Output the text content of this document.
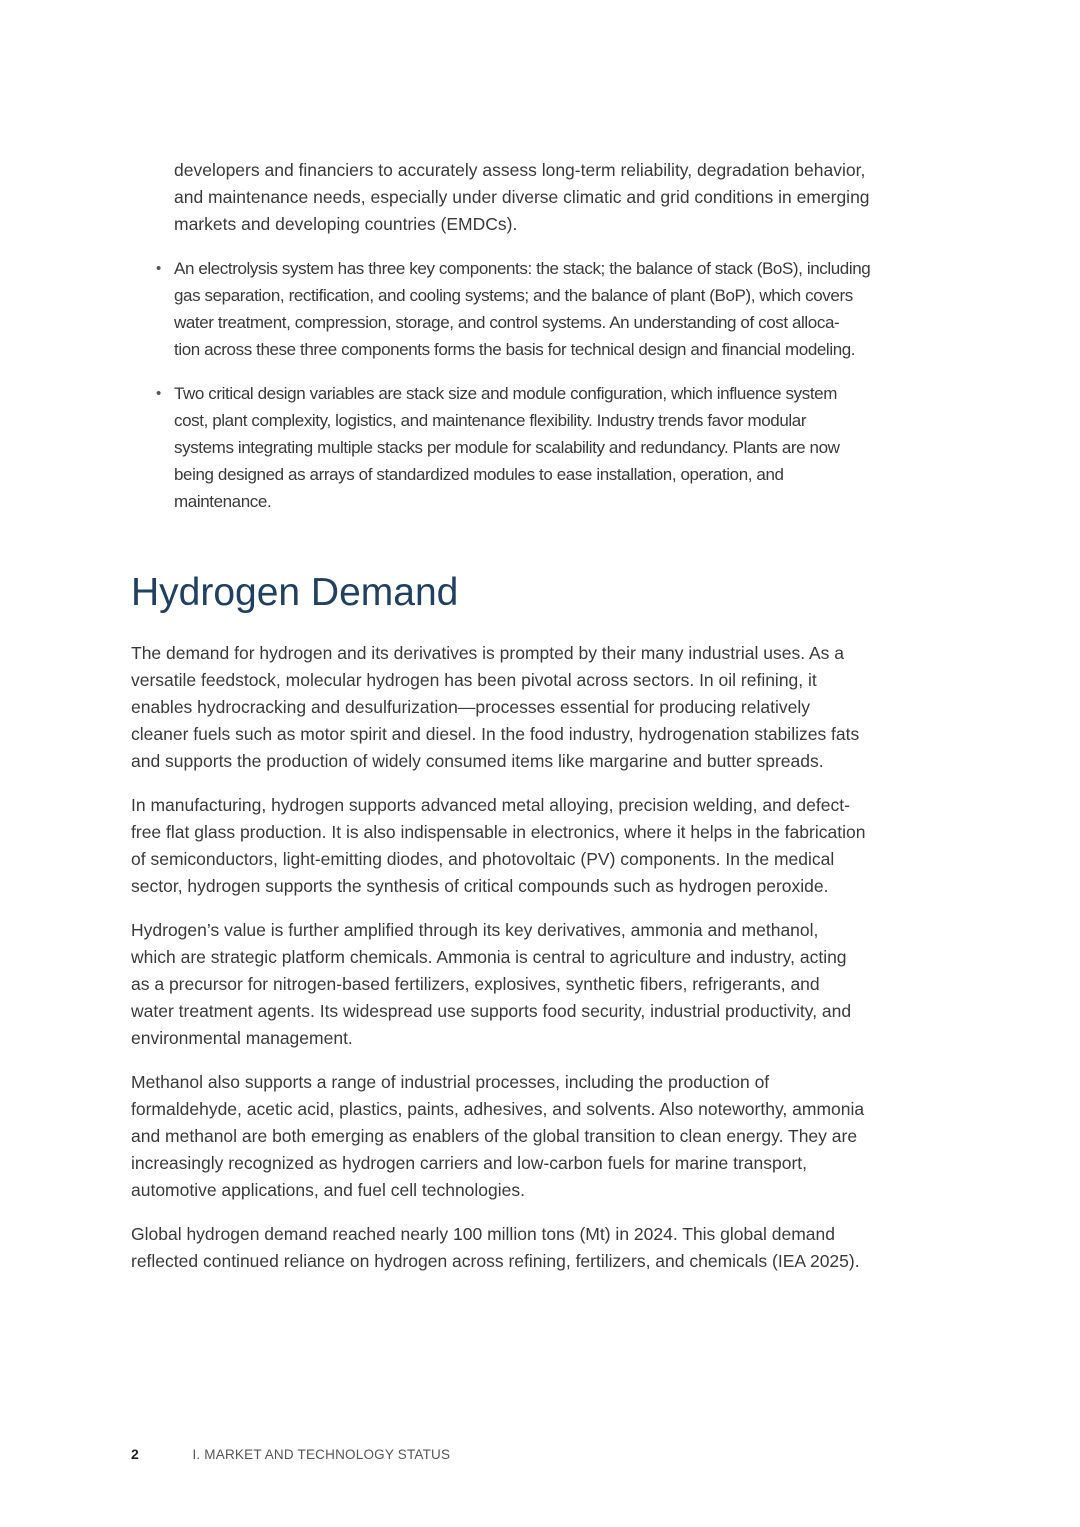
developers and financiers to accurately assess long-term reliability, degradation behavior,
and maintenance needs, especially under diverse climatic and grid conditions in emerging
markets and developing countries (EMDCs).
•
An electrolysis system has three key components: the stack; the balance of stack (BoS), including
gas separation, rectification, and cooling systems; and the balance of plant (BoP), which covers
water treatment, compression, storage, and control systems. An understanding of cost alloca-
tion across these three components forms the basis for technical design and financial modeling.
•
Two critical design variables are stack size and module configuration, which influence system
cost, plant complexity, logistics, and maintenance flexibility. Industry trends favor modular
systems integrating multiple stacks per module for scalability and redundancy. Plants are now
being designed as arrays of standardized modules to ease installation, operation, and
maintenance.
Hydrogen Demand
The demand for hydrogen and its derivatives is prompted by their many industrial uses. As a
versatile feedstock, molecular hydrogen has been pivotal across sectors. In oil refining, it
enables hydrocracking and desulfurization—processes essential for producing relatively
cleaner fuels such as motor spirit and diesel. In the food industry, hydrogenation stabilizes fats
and supports the production of widely consumed items like margarine and butter spreads.
In manufacturing, hydrogen supports advanced metal alloying, precision welding, and defect-
free flat glass production. It is also indispensable in electronics, where it helps in the fabrication
of semiconductors, light-emitting diodes, and photovoltaic (PV) components. In the medical
sector, hydrogen supports the synthesis of critical compounds such as hydrogen peroxide.
Hydrogen’s value is further amplified through its key derivatives, ammonia and methanol,
which are strategic platform chemicals. Ammonia is central to agriculture and industry, acting
as a precursor for nitrogen-based fertilizers, explosives, synthetic fibers, refrigerants, and
water treatment agents. Its widespread use supports food security, industrial productivity, and
environmental management.
Methanol also supports a range of industrial processes, including the production of
formaldehyde, acetic acid, plastics, paints, adhesives, and solvents. Also noteworthy, ammonia
and methanol are both emerging as enablers of the global transition to clean energy. They are
increasingly recognized as hydrogen carriers and low-carbon fuels for marine transport,
automotive applications, and fuel cell technologies.
Global hydrogen demand reached nearly 100 million tons (Mt) in 2024. This global demand
reflected continued reliance on hydrogen across refining, fertilizers, and chemicals (IEA 2025).
2	I. MARKET AND TECHNOLOGY STATUS
